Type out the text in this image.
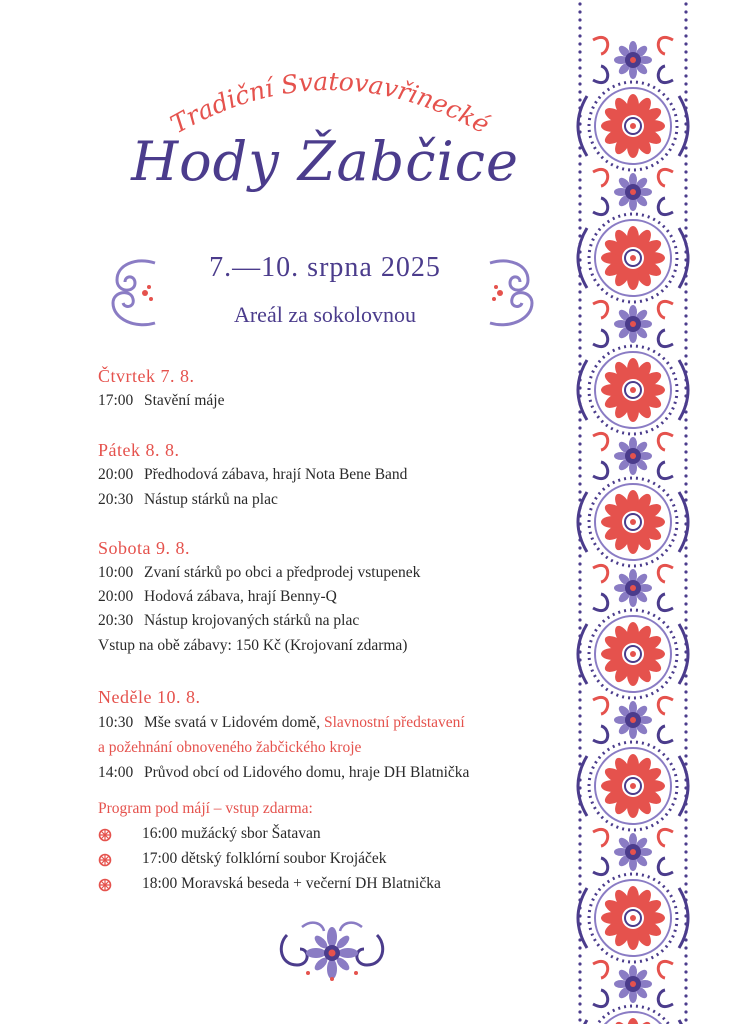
Tradiční Svatovavřinecké
Hody Žabčice
7.—10. srpna 2025
Areál za sokolovnou
Čtvrtek 7. 8.
17:00 Stavění máje
Pátek 8. 8.
20:00 Předhodová zábava, hrají Nota Bene Band
20:30 Nástup stárků na plac
Sobota 9. 8.
10:00 Zvaní stárků po obci a předprodej vstupenek
20:00 Hodová zábava, hrají Benny-Q
20:30 Nástup krojovaných stárků na plac
Vstup na obě zábavy: 150 Kč (Krojovaní zdarma)
Neděle 10. 8.
10:30 Mše svatá v Lidovém domě, Slavnostní představení
a požehnání obnoveného žabčického kroje
14:00 Průvod obcí od Lidového domu, hraje DH Blatnička
Program pod májí – vstup zdarma:
16:00 mužácký sbor Šatavan
17:00 dětský folklórní soubor Krojáček
18:00 Moravská beseda + večerní DH Blatnička
